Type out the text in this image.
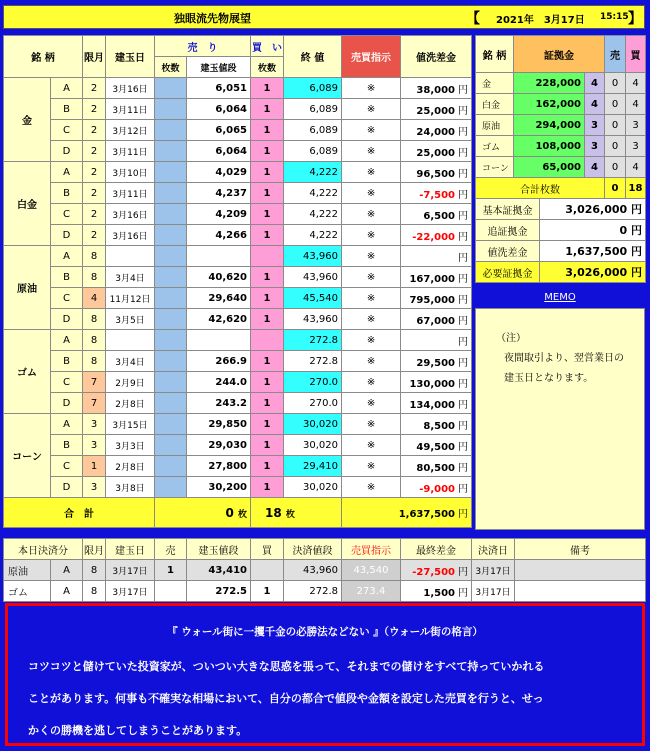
独眼流先物展望	【 2021年　3月17日 15:15 】
銘 柄		限月	建玉日	売　り		買　い	終 値	売買指示	値洗差金
				枚数	建玉値段	枚数			
金	A	2	3月16日		6,051	1	6,089	※	38,000 円
	B	2	3月11日		6,064	1	6,089	※	25,000 円
	C	2	3月12日		6,065	1	6,089	※	24,000 円
	D	2	3月11日		6,064	1	6,089	※	25,000 円
白金	A	2	3月10日		4,029	1	4,222	※	96,500 円
	B	2	3月11日		4,237	1	4,222	※	-7,500 円
	C	2	3月16日		4,209	1	4,222	※	6,500 円
	D	2	3月16日		4,266	1	4,222	※	-22,000 円
原油	A	8					43,960	※	円
	B	8	3月4日		40,620	1	43,960	※	167,000 円
	C	4	11月12日		29,640	1	45,540	※	795,000 円
	D	8	3月5日		42,620	1	43,960	※	67,000 円
ゴム	A	8					272.8	※	円
	B	8	3月4日		266.9	1	272.8	※	29,500 円
	C	7	2月9日		244.0	1	270.0	※	130,000 円
	D	7	2月8日		243.2	1	270.0	※	134,000 円
コーン	A	3	3月15日		29,850	1	30,020	※	8,500 円
	B	3	3月3日		29,030	1	30,020	※	49,500 円
	C	1	2月8日		27,800	1	29,410	※	80,500 円
	D	3	3月8日		30,200	1	30,020	※	-9,000 円
合　計				0 枚		18 枚		1,637,500 円	
銘 柄	証拠金			売	買
金	228,000		4	0	4
白金	162,000		4	0	4
原油	294,000		3	0	3
ゴム	108,000		3	0	3
コーン	65,000		4	0	4
合計枚数				0	18
基本証拠金		3,026,000 円			
追証拠金		0 円			
値洗差金		1,637,500 円			
必要証拠金		3,026,000 円			
MEMO

（注）

夜間取引より、翌営業日の

建玉日となります。

本日決済分		限月	建玉日	売	建玉値段	買	決済値段	売買指示	最終差金	決済日	備考
原油	A	8	3月17日	1	43,410		43,960	43,540	-27,500 円	3月17日	
ゴム	A	8	3月17日		272.5	1	272.8	273.4	1,500 円	3月17日	
『 ウォール街に一攫千金の必勝法などない 』（ウォール街の格言）
コツコツと儲けていた投資家が、ついつい大きな思惑を張って、それまでの儲けをすべて持っていかれる
ことがあります。何事も不確実な相場において、自分の都合で値段や金額を設定した売買を行うと、せっ
かくの勝機を逃してしまうことがあります。
